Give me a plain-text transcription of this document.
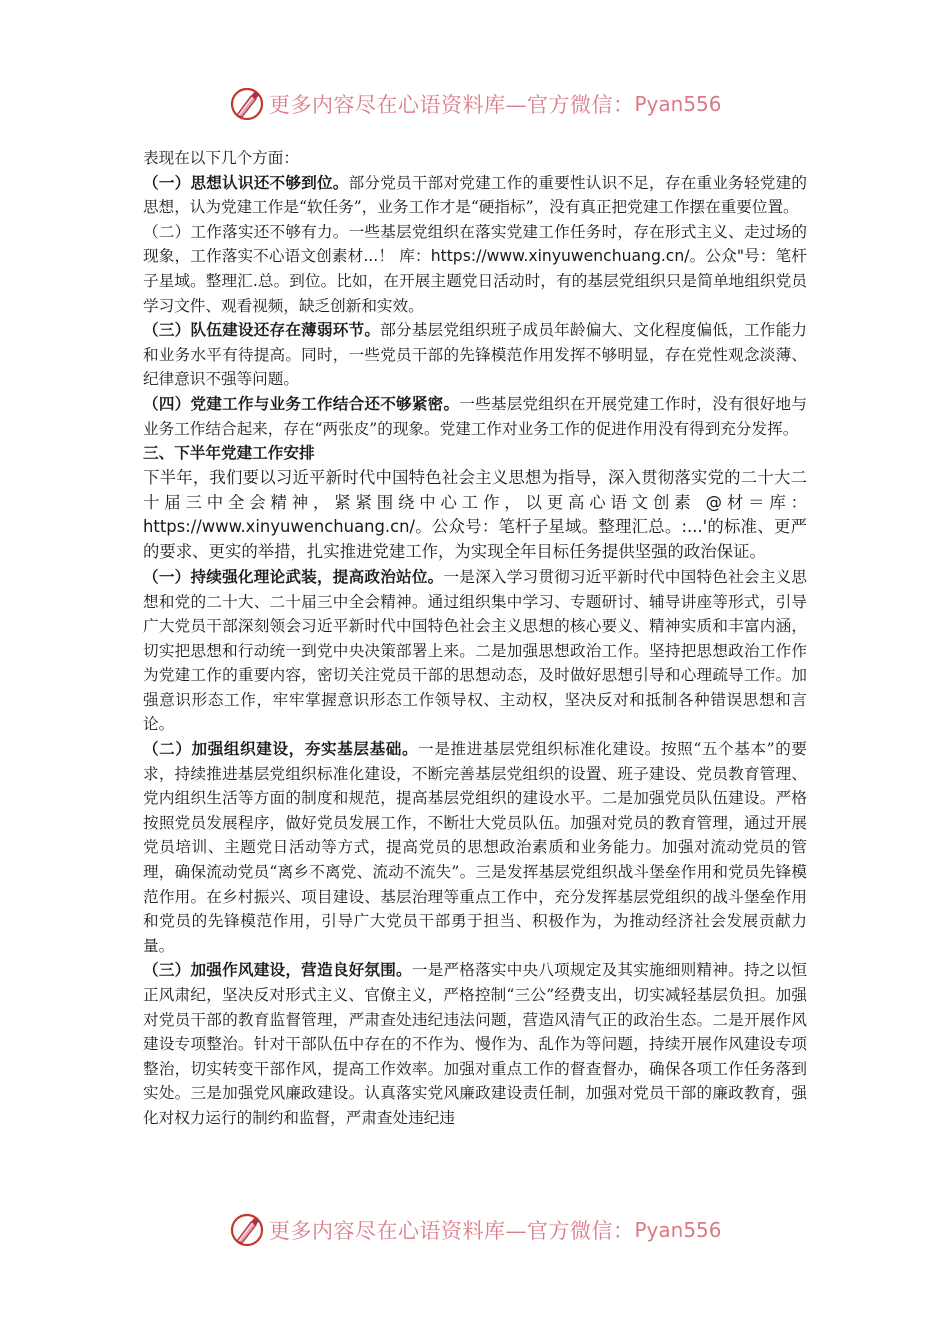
更多内容尽在心语资料库—官方微信： Pyan556

表现在以下几个方面：

（一）思想认识还不够到位。部分党员干部对党建工作的重要性认识不足，存在重业务轻党建的思想，认为党建工作是“软任务”，业务工作才是“硬指标”，没有真正把党建工作摆在重要位置。

（二）工作落实还不够有力。一些基层党组织在落实党建工作任务时，存在形式主义、走过场的现象，工作落实不心语文创素材...！ 库：https://www.xinyuwenchuang.cn/。公众"号：笔杆子星域。整理汇.总。到位。比如，在开展主题党日活动时，有的基层党组织只是简单地组织党员学习文件、观看视频，缺乏创新和实效。

（三）队伍建设还存在薄弱环节。部分基层党组织班子成员年龄偏大、文化程度偏低，工作能力和业务水平有待提高。同时，一些党员干部的先锋模范作用发挥不够明显，存在党性观念淡薄、纪律意识不强等问题。

（四）党建工作与业务工作结合还不够紧密。一些基层党组织在开展党建工作时，没有很好地与业务工作结合起来，存在“两张皮”的现象。党建工作对业务工作的促进作用没有得到充分发挥。

三、下半年党建工作安排

下半年，我们要以习近平新时代中国特色社会主义思想为指导，深入贯彻落实党的二十大二十届三中全会精神，紧紧围绕中心工作，以更高心语文创素 @材＝库：https://www.xinyuwenchuang.cn/。公众号：笔杆子星域。整理汇总。:...'的标准、更严的要求、更实的举措，扎实推进党建工作，为实现全年目标任务提供坚强的政治保证。

（一）持续强化理论武装，提高政治站位。一是深入学习贯彻习近平新时代中国特色社会主义思想和党的二十大、二十届三中全会精神。通过组织集中学习、专题研讨、辅导讲座等形式，引导广大党员干部深刻领会习近平新时代中国特色社会主义思想的核心要义、精神实质和丰富内涵，切实把思想和行动统一到党中央决策部署上来。二是加强思想政治工作。坚持把思想政治工作作为党建工作的重要内容，密切关注党员干部的思想动态，及时做好思想引导和心理疏导工作。加强意识形态工作，牢牢掌握意识形态工作领导权、主动权，坚决反对和抵制各种错误思想和言论。

（二）加强组织建设，夯实基层基础。一是推进基层党组织标准化建设。按照“五个基本”的要求，持续推进基层党组织标准化建设，不断完善基层党组织的设置、班子建设、党员教育管理、党内组织生活等方面的制度和规范，提高基层党组织的建设水平。二是加强党员队伍建设。严格按照党员发展程序，做好党员发展工作，不断壮大党员队伍。加强对党员的教育管理，通过开展党员培训、主题党日活动等方式，提高党员的思想政治素质和业务能力。加强对流动党员的管理，确保流动党员“离乡不离党、流动不流失”。三是发挥基层党组织战斗堡垒作用和党员先锋模范作用。在乡村振兴、项目建设、基层治理等重点工作中，充分发挥基层党组织的战斗堡垒作用和党员的先锋模范作用，引导广大党员干部勇于担当、积极作为，为推动经济社会发展贡献力量。

（三）加强作风建设，营造良好氛围。一是严格落实中央八项规定及其实施细则精神。持之以恒正风肃纪，坚决反对形式主义、官僚主义，严格控制“三公”经费支出，切实减轻基层负担。加强对党员干部的教育监督管理，严肃查处违纪违法问题，营造风清气正的政治生态。二是开展作风建设专项整治。针对干部队伍中存在的不作为、慢作为、乱作为等问题，持续开展作风建设专项整治，切实转变干部作风，提高工作效率。加强对重点工作的督查督办，确保各项工作任务落到实处。三是加强党风廉政建设。认真落实党风廉政建设责任制，加强对党员干部的廉政教育，强化对权力运行的制约和监督，严肃查处违纪违

更多内容尽在心语资料库—官方微信： Pyan556
